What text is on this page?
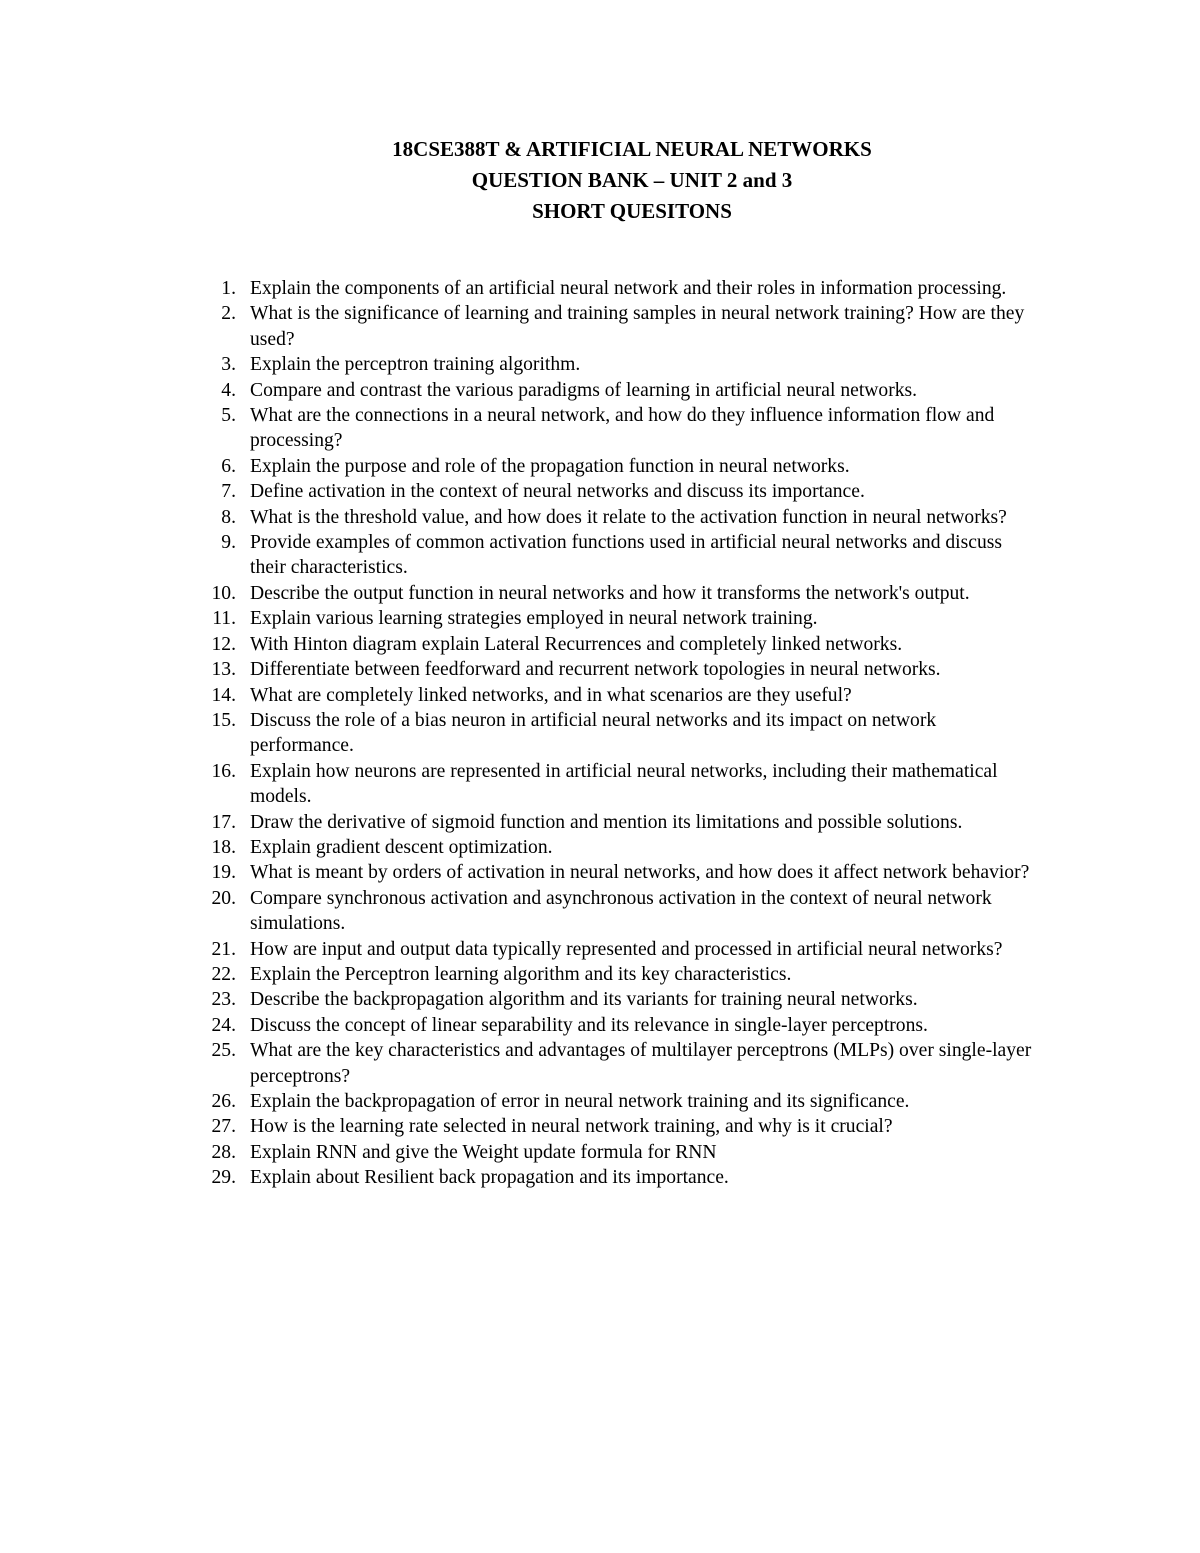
18CSE388T & ARTIFICIAL NEURAL NETWORKS
QUESTION BANK – UNIT 2 and 3
SHORT QUESITONS
1. Explain the components of an artificial neural network and their roles in information processing.
2. What is the significance of learning and training samples in neural network training? How are they used?
3. Explain the perceptron training algorithm.
4. Compare and contrast the various paradigms of learning in artificial neural networks.
5. What are the connections in a neural network, and how do they influence information flow and processing?
6. Explain the purpose and role of the propagation function in neural networks.
7. Define activation in the context of neural networks and discuss its importance.
8. What is the threshold value, and how does it relate to the activation function in neural networks?
9. Provide examples of common activation functions used in artificial neural networks and discuss their characteristics.
10. Describe the output function in neural networks and how it transforms the network's output.
11. Explain various learning strategies employed in neural network training.
12. With Hinton diagram explain Lateral Recurrences and completely linked networks.
13. Differentiate between feedforward and recurrent network topologies in neural networks.
14. What are completely linked networks, and in what scenarios are they useful?
15. Discuss the role of a bias neuron in artificial neural networks and its impact on network performance.
16. Explain how neurons are represented in artificial neural networks, including their mathematical models.
17. Draw the derivative of sigmoid function and mention its limitations and possible solutions.
18. Explain gradient descent optimization.
19. What is meant by orders of activation in neural networks, and how does it affect network behavior?
20. Compare synchronous activation and asynchronous activation in the context of neural network simulations.
21. How are input and output data typically represented and processed in artificial neural networks?
22. Explain the Perceptron learning algorithm and its key characteristics.
23. Describe the backpropagation algorithm and its variants for training neural networks.
24. Discuss the concept of linear separability and its relevance in single-layer perceptrons.
25. What are the key characteristics and advantages of multilayer perceptrons (MLPs) over single-layer perceptrons?
26. Explain the backpropagation of error in neural network training and its significance.
27. How is the learning rate selected in neural network training, and why is it crucial?
28. Explain RNN and give the Weight update formula for RNN
29. Explain about Resilient back propagation and its importance.
